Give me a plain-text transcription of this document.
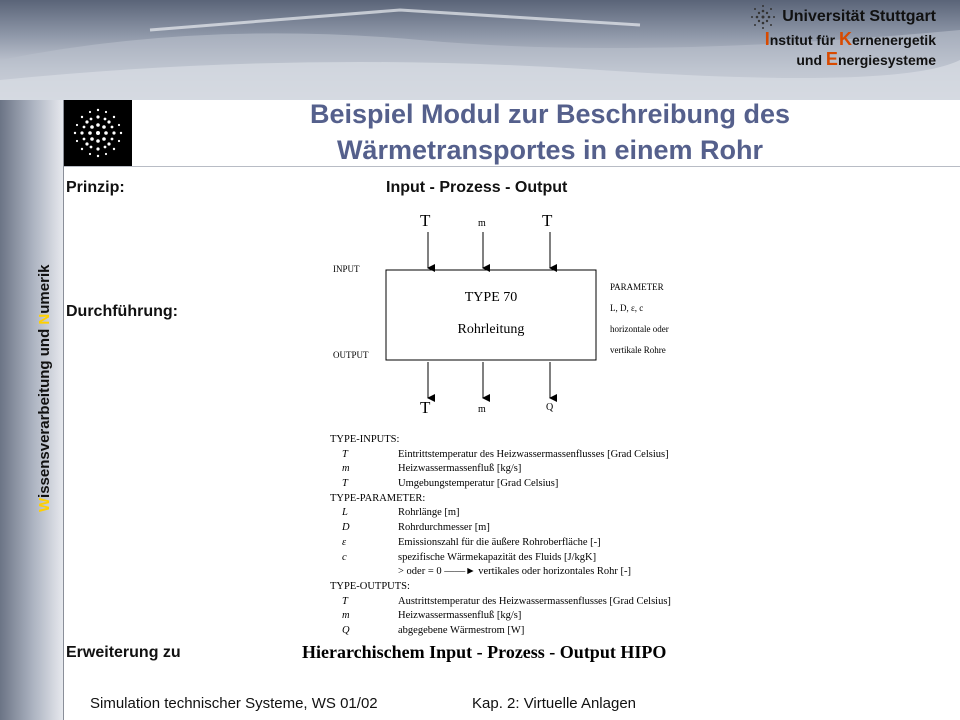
Universität Stuttgart
Institut für Kernenergetik
und Energiesysteme
Beispiel Modul zur Beschreibung des
Wärmetransportes in einem Rohr
Wissensverarbeitung und Numerik
Prinzip:	Input - Prozess - Output
Durchführung:
Erweiterung zu	Hierarchischem Input - Prozess - Output HIPO
T	m	T
INPUT
OUTPUT
TYPE 70
Rohrleitung
T	m	Q
PARAMETER
L, D, ε, c
horizontale oder
vertikale Rohre
TYPE-INPUTS:
T	Eintrittstemperatur des Heizwassermassenflusses [Grad Celsius]
m	Heizwassermassenfluß [kg/s]
T	Umgebungstemperatur [Grad Celsius]
TYPE-PARAMETER:
L	Rohrlänge [m]
D	Rohrdurchmesser [m]
ε	Emissionszahl für die äußere Rohroberfläche [-]
c	spezifische Wärmekapazität des Fluids [J/kgK]
> oder = 0 ——► vertikales oder horizontales Rohr [-]
TYPE-OUTPUTS:
T	Austrittstemperatur des Heizwassermassenflusses [Grad Celsius]
m	Heizwassermassenfluß [kg/s]
Q	abgegebene Wärmestrom [W]
Simulation technischer Systeme, WS 01/02	Kap. 2: Virtuelle Anlagen
